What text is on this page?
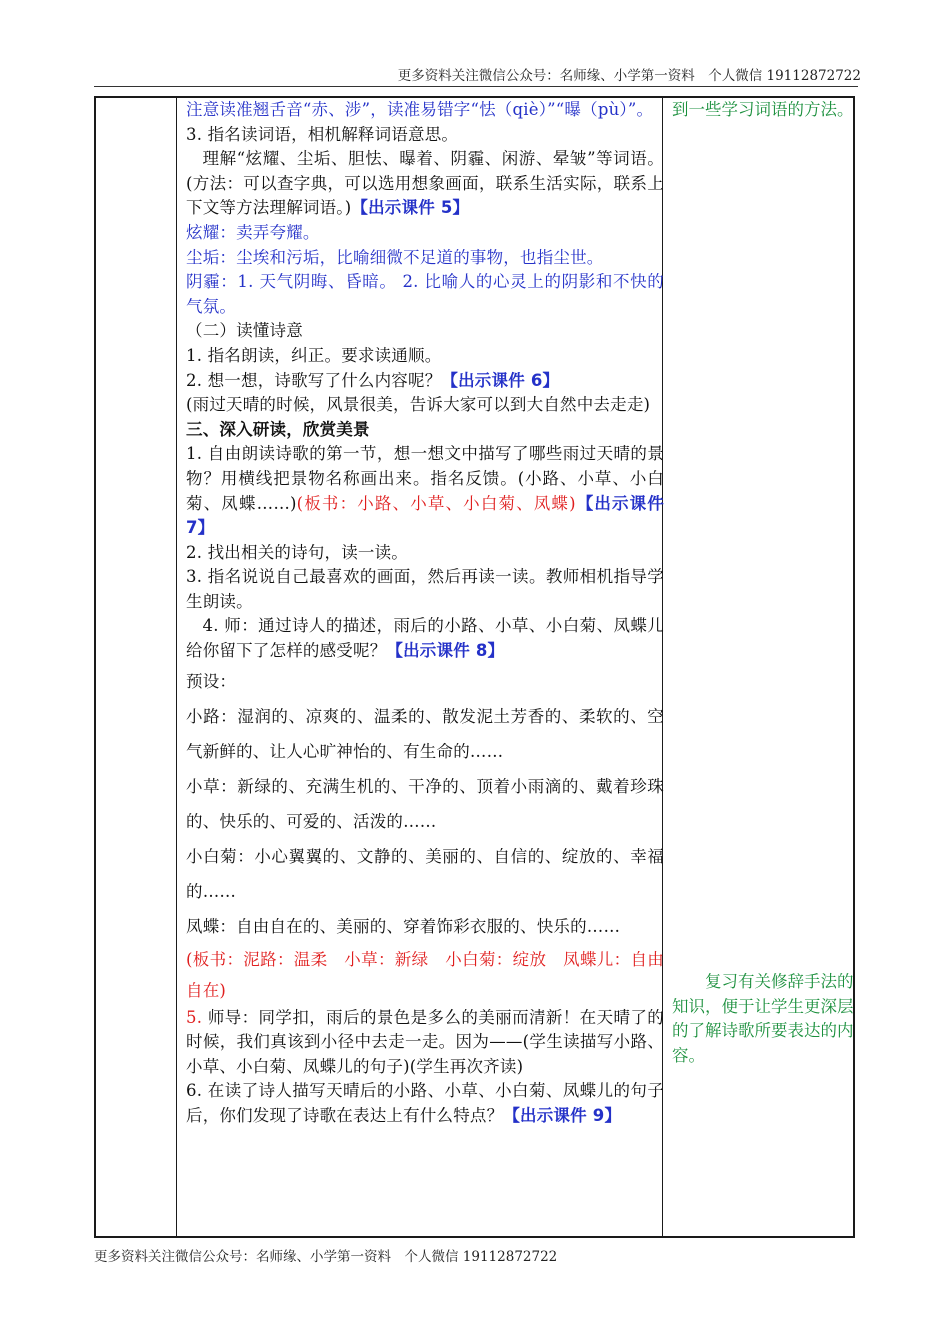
更多资料关注微信公众号：名师缘、小学第一资料　个人微信 19112872722

注意读准翘舌音“赤、涉”，读准易错字“怯（qiè）”“曝（pù）”。

3. 指名读词语，相机解释词语意思。

理解“炫耀、尘垢、胆怯、曝着、阴霾、闲游、晕皱”等词语。(方法：可以查字典，可以选用想象画面，联系生活实际，联系上下文等方法理解词语。)【出示课件 5】

炫耀：卖弄夸耀。

尘垢：尘埃和污垢，比喻细微不足道的事物，也指尘世。

阴霾：1. 天气阴晦、昏暗。 2. 比喻人的心灵上的阴影和不快的气氛。

（二）读懂诗意

1. 指名朗读，纠正。要求读通顺。

2. 想一想，诗歌写了什么内容呢？【出示课件 6】

(雨过天晴的时候，风景很美，告诉大家可以到大自然中去走走)

三、深入研读，欣赏美景

1. 自由朗读诗歌的第一节，想一想文中描写了哪些雨过天晴的景物？用横线把景物名称画出来。指名反馈。(小路、小草、小白菊、凤蝶……)(板书：小路、小草、小白菊、凤蝶)【出示课件 7】

2. 找出相关的诗句，读一读。

3. 指名说说自己最喜欢的画面，然后再读一读。教师相机指导学生朗读。

4. 师：通过诗人的描述，雨后的小路、小草、小白菊、凤蝶儿给你留下了怎样的感受呢？【出示课件 8】

预设：

小路：湿润的、凉爽的、温柔的、散发泥土芳香的、柔软的、空气新鲜的、让人心旷神怡的、有生命的……

小草：新绿的、充满生机的、干净的、顶着小雨滴的、戴着珍珠的、快乐的、可爱的、活泼的……

小白菊：小心翼翼的、文静的、美丽的、自信的、绽放的、幸福的……

凤蝶：自由自在的、美丽的、穿着饰彩衣服的、快乐的……

(板书：泥路：温柔　小草：新绿　小白菊：绽放　凤蝶儿：自由自在)

5. 师导：同学扣，雨后的景色是多么的美丽而清新！在天晴了的时候，我们真该到小径中去走一走。因为——(学生读描写小路、小草、小白菊、凤蝶儿的句子)(学生再次齐读)

6. 在读了诗人描写天晴后的小路、小草、小白菊、凤蝶儿的句子后，你们发现了诗歌在表达上有什么特点？【出示课件 9】

到一些学习词语的方法。
复习有关修辞手法的知识，便于让学生更深层的了解诗歌所要表达的内容。
更多资料关注微信公众号：名师缘、小学第一资料　个人微信 19112872722
